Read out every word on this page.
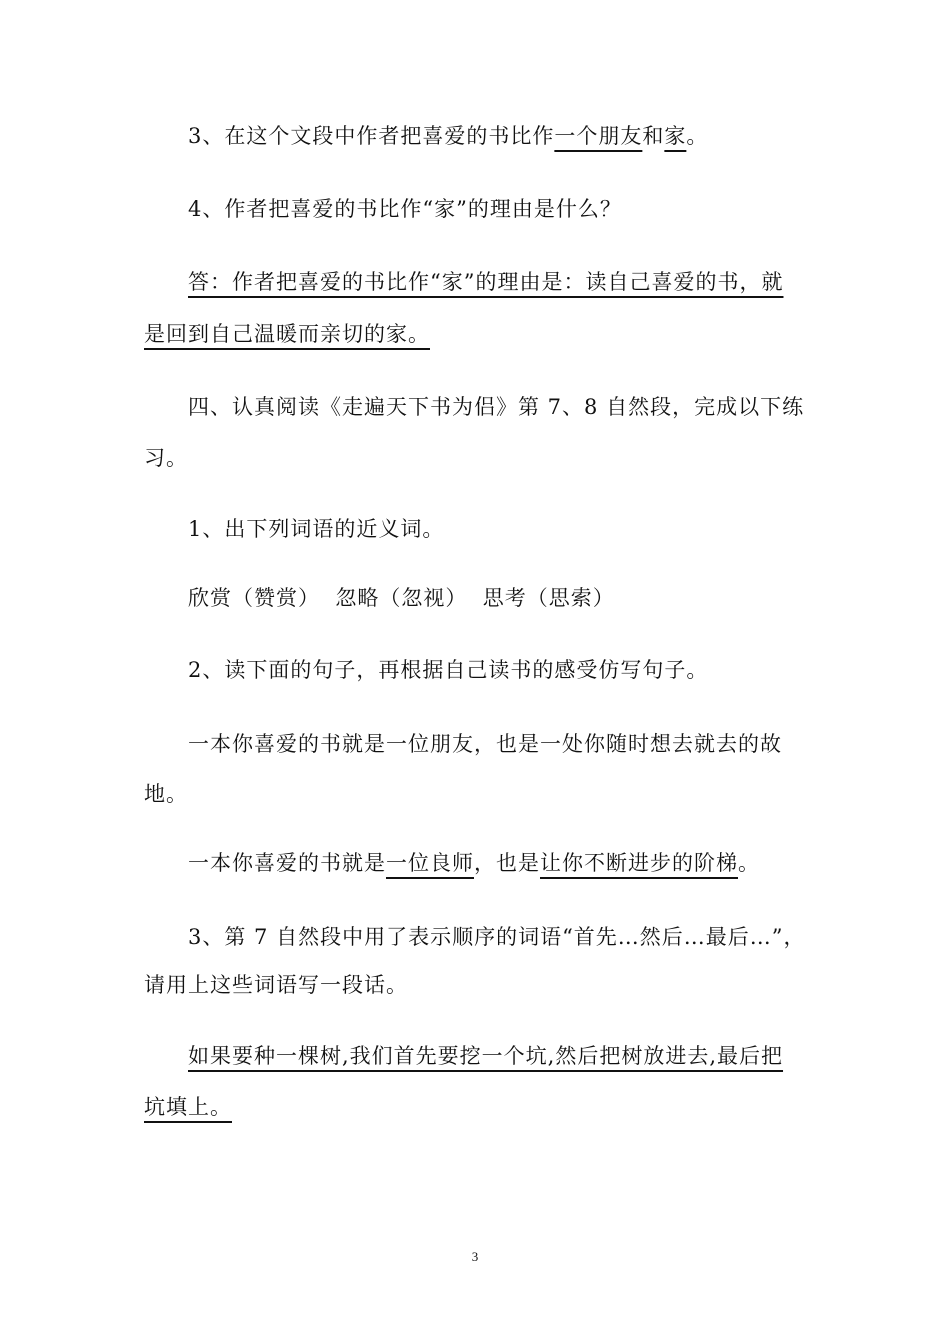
3、在这个文段中作者把喜爱的书比作一个朋友和家。
4、作者把喜爱的书比作“家”的理由是什么？
答：作者把喜爱的书比作“家”的理由是：读自己喜爱的书，就
是回到自己温暖而亲切的家。
四、认真阅读《走遍天下书为侣》第 7、8 自然段，完成以下练
习。
1、出下列词语的近义词。
欣赏（赞赏）  忽略（忽视）  思考（思索）
2、读下面的句子，再根据自己读书的感受仿写句子。
一本你喜爱的书就是一位朋友，也是一处你随时想去就去的故
地。
一本你喜爱的书就是一位良师，也是让你不断进步的阶梯。
3、第 7 自然段中用了表示顺序的词语“首先…然后…最后…”，
请用上这些词语写一段话。
如果要种一棵树,我们首先要挖一个坑,然后把树放进去,最后把
坑填上。
3
